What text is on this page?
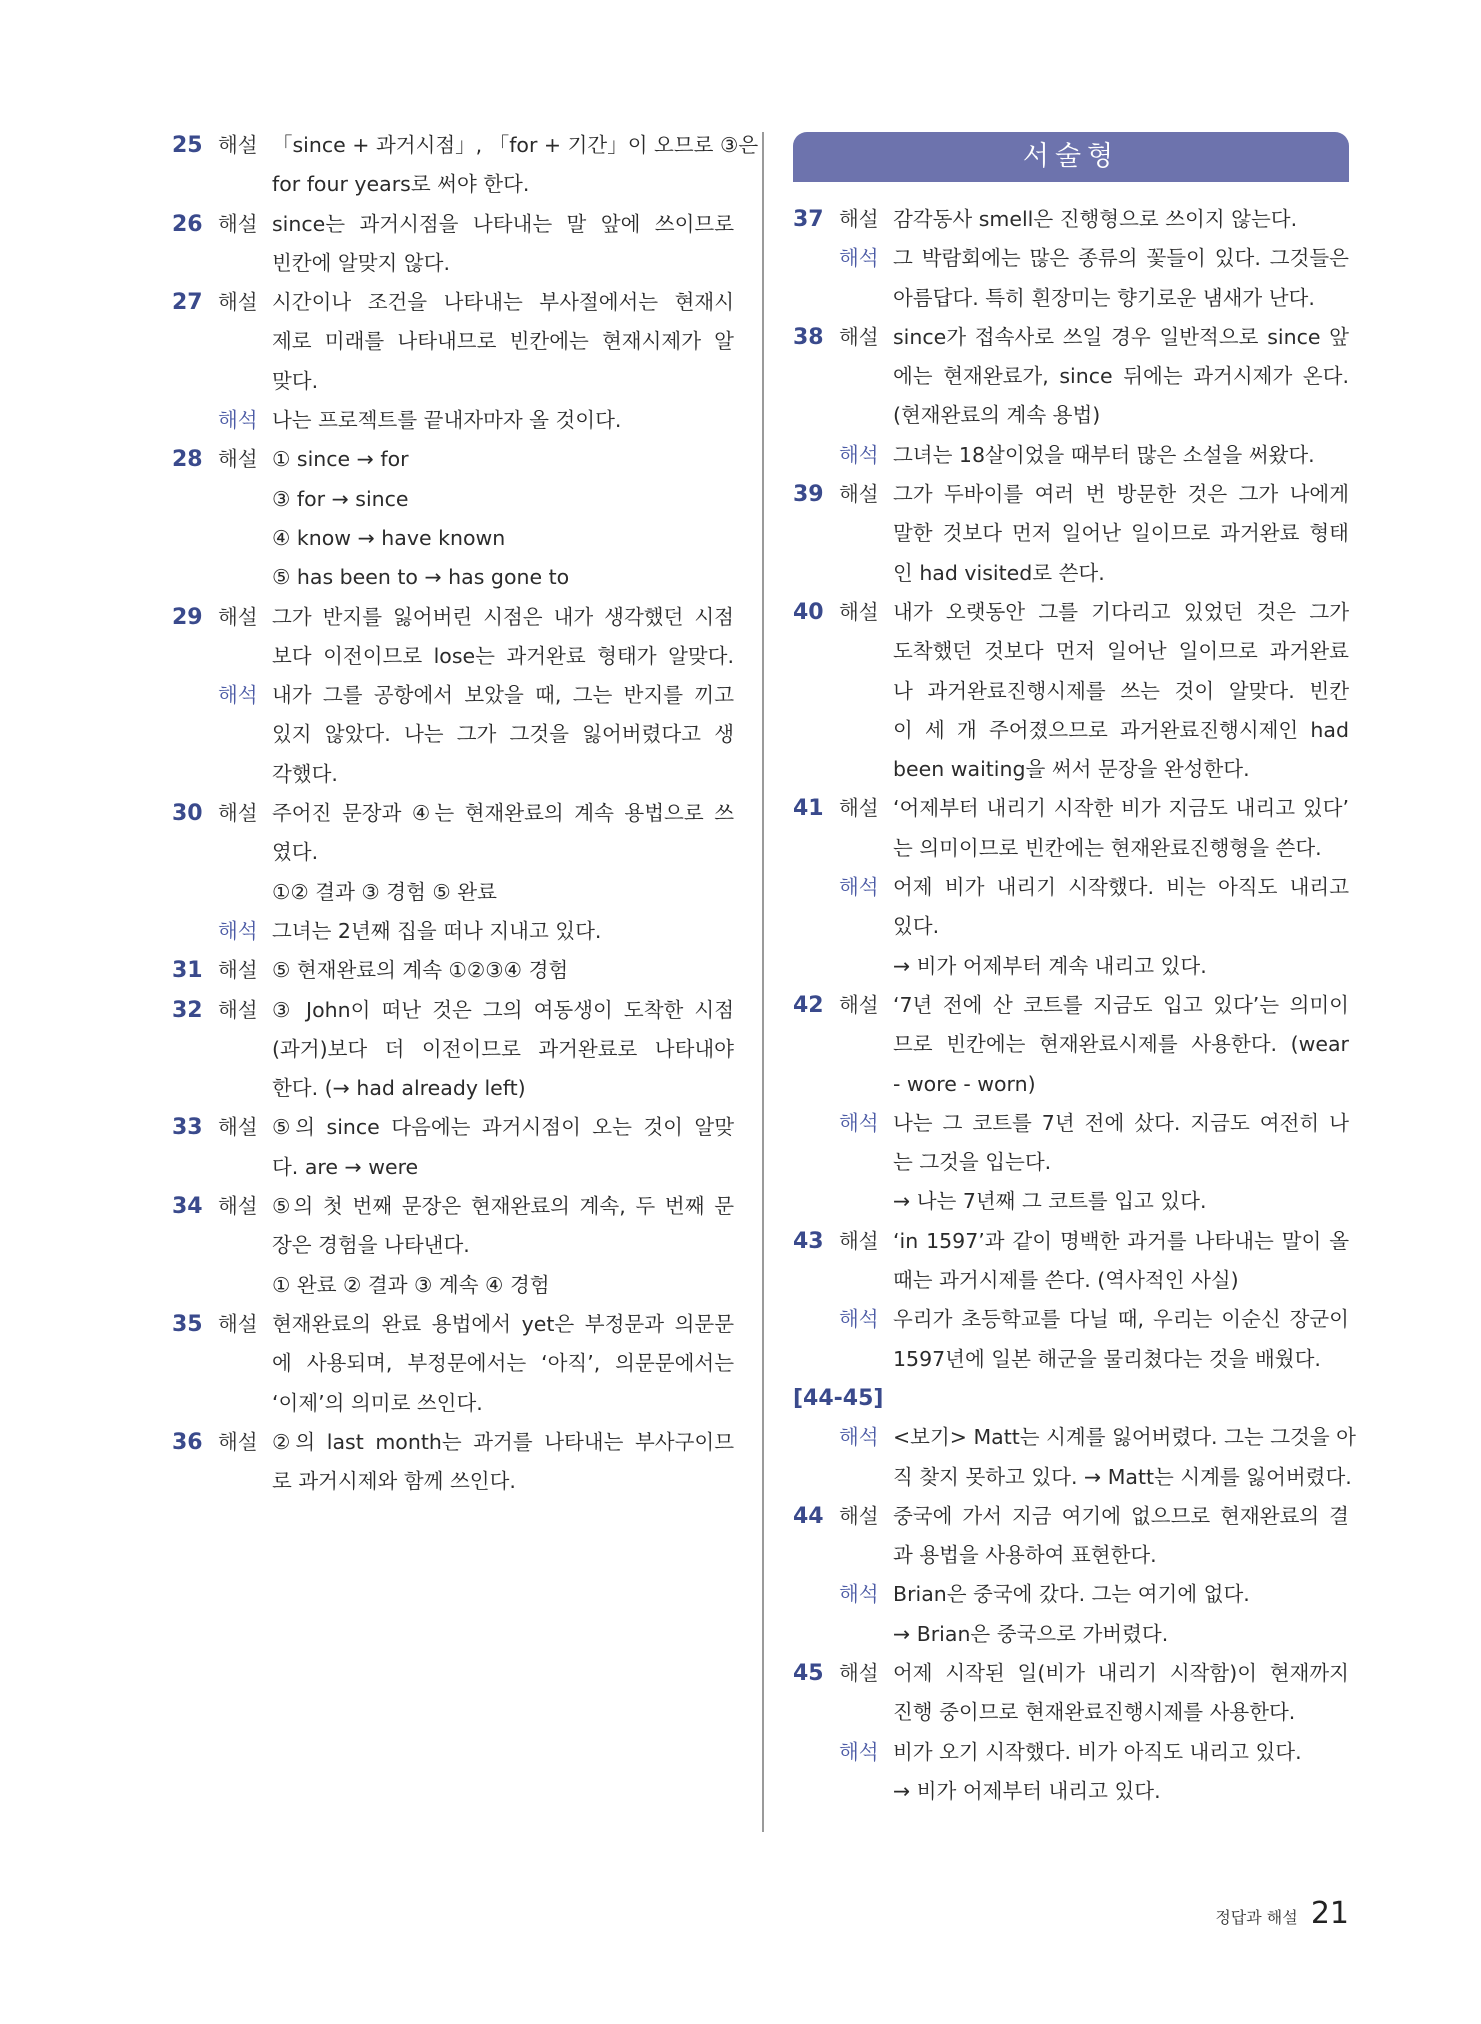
25 해설 「since + 과거시점」, 「for + 기간」이 오므로 ③은
for four years로 써야 한다.
26 해설 since는 과거시점을 나타내는 말 앞에 쓰이므로
빈칸에 알맞지 않다.
27 해설 시간이나 조건을 나타내는 부사절에서는 현재시
제로 미래를 나타내므로 빈칸에는 현재시제가 알
맞다.
해석 나는 프로젝트를 끝내자마자 올 것이다.
28 해설 ① since → for
③ for → since
④ know → have known
⑤ has been to → has gone to
29 해설 그가 반지를 잃어버린 시점은 내가 생각했던 시점
보다 이전이므로 lose는 과거완료 형태가 알맞다.
해석 내가 그를 공항에서 보았을 때, 그는 반지를 끼고
있지 않았다. 나는 그가 그것을 잃어버렸다고 생
각했다.
30 해설 주어진 문장과 ④는 현재완료의 계속 용법으로 쓰
였다.
①② 결과 ③ 경험 ⑤ 완료
해석 그녀는 2년째 집을 떠나 지내고 있다.
31 해설 ⑤ 현재완료의 계속 ①②③④ 경험
32 해설 ③ John이 떠난 것은 그의 여동생이 도착한 시점
(과거)보다 더 이전이므로 과거완료로 나타내야
한다. (→ had already left)
33 해설 ⑤의 since 다음에는 과거시점이 오는 것이 알맞
다. are → were
34 해설 ⑤의 첫 번째 문장은 현재완료의 계속, 두 번째 문
장은 경험을 나타낸다.
① 완료 ② 결과 ③ 계속 ④ 경험
35 해설 현재완료의 완료 용법에서 yet은 부정문과 의문문
에 사용되며, 부정문에서는 ‘아직’, 의문문에서는
‘이제’의 의미로 쓰인다.
36 해설 ②의 last month는 과거를 나타내는 부사구이므
로 과거시제와 함께 쓰인다.
서술형
37 해설 감각동사 smell은 진행형으로 쓰이지 않는다.
해석 그 박람회에는 많은 종류의 꽃들이 있다. 그것들은
아름답다. 특히 흰장미는 향기로운 냄새가 난다.
38 해설 since가 접속사로 쓰일 경우 일반적으로 since 앞
에는 현재완료가, since 뒤에는 과거시제가 온다.
(현재완료의 계속 용법)
해석 그녀는 18살이었을 때부터 많은 소설을 써왔다.
39 해설 그가 두바이를 여러 번 방문한 것은 그가 나에게
말한 것보다 먼저 일어난 일이므로 과거완료 형태
인 had visited로 쓴다.
40 해설 내가 오랫동안 그를 기다리고 있었던 것은 그가
도착했던 것보다 먼저 일어난 일이므로 과거완료
나 과거완료진행시제를 쓰는 것이 알맞다. 빈칸
이 세 개 주어졌으므로 과거완료진행시제인 had
been waiting을 써서 문장을 완성한다.
41 해설 ‘어제부터 내리기 시작한 비가 지금도 내리고 있다’
는 의미이므로 빈칸에는 현재완료진행형을 쓴다.
해석 어제 비가 내리기 시작했다. 비는 아직도 내리고
있다.
→ 비가 어제부터 계속 내리고 있다.
42 해설 ‘7년 전에 산 코트를 지금도 입고 있다’는 의미이
므로 빈칸에는 현재완료시제를 사용한다. (wear
- wore - worn)
해석 나는 그 코트를 7년 전에 샀다. 지금도 여전히 나
는 그것을 입는다.
→ 나는 7년째 그 코트를 입고 있다.
43 해설 ‘in 1597’과 같이 명백한 과거를 나타내는 말이 올
때는 과거시제를 쓴다. (역사적인 사실)
해석 우리가 초등학교를 다닐 때, 우리는 이순신 장군이
1597년에 일본 해군을 물리쳤다는 것을 배웠다.
[44-45]
해석 <보기> Matt는 시계를 잃어버렸다. 그는 그것을 아
직 찾지 못하고 있다. → Matt는 시계를 잃어버렸다.
44 해설 중국에 가서 지금 여기에 없으므로 현재완료의 결
과 용법을 사용하여 표현한다.
해석 Brian은 중국에 갔다. 그는 여기에 없다.
→ Brian은 중국으로 가버렸다.
45 해설 어제 시작된 일(비가 내리기 시작함)이 현재까지
진행 중이므로 현재완료진행시제를 사용한다.
해석 비가 오기 시작했다. 비가 아직도 내리고 있다.
→ 비가 어제부터 내리고 있다.
정답과 해설 21
